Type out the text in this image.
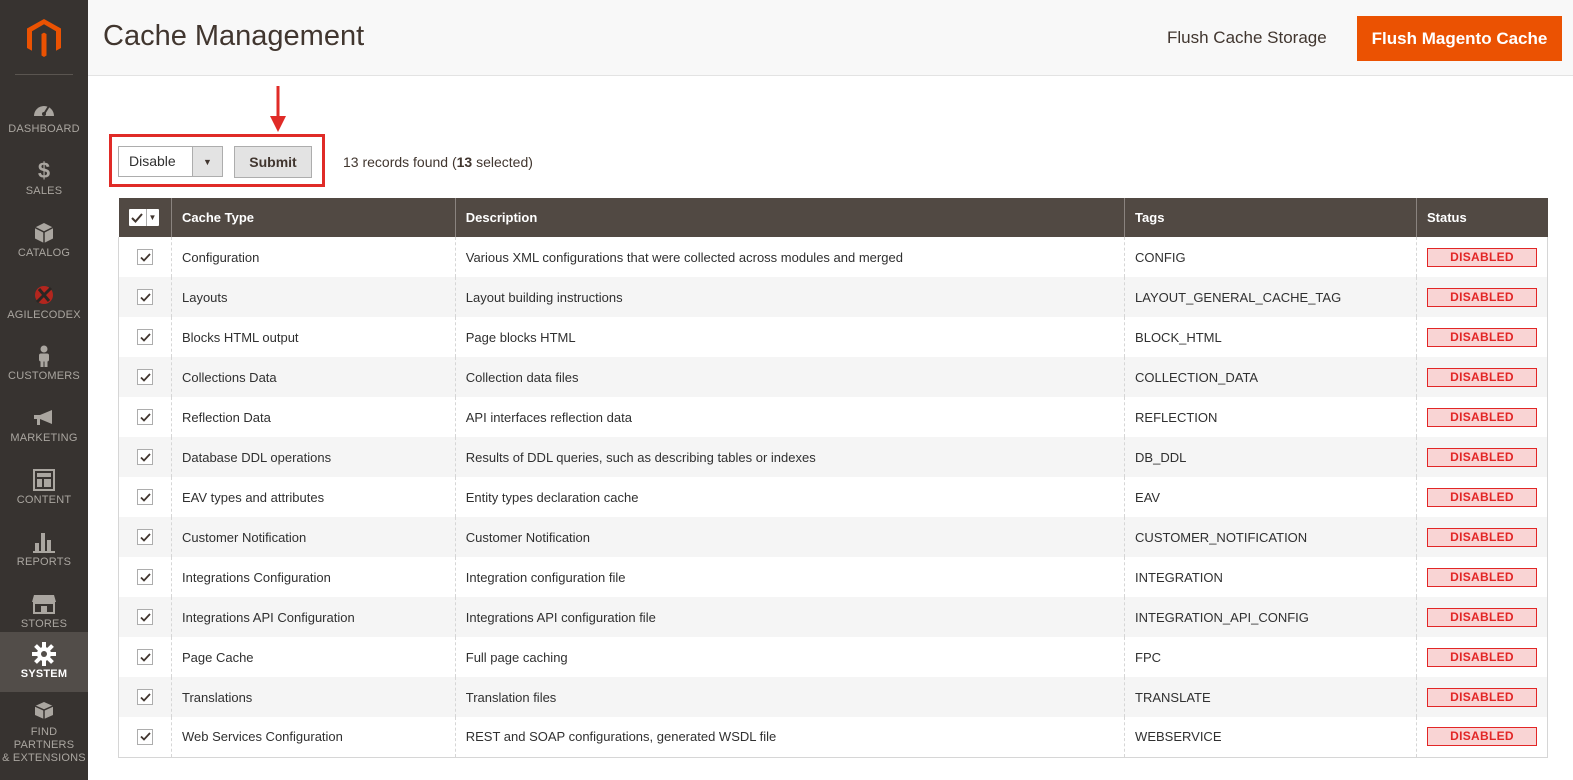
DASHBOARD
$
SALES
CATALOG
AGILECODEX
CUSTOMERS
MARKETING
CONTENT
REPORTS
STORES
SYSTEM
FIND PARTNERS
& EXTENSIONS
Cache Management	Flush Cache Storage	Flush Magento Cache
Disable	▼	Submit	13 records found (13 selected)
▼	Cache Type	Description	Tags	Status

	Configuration	Various XML configurations that were collected across modules and merged	CONFIG	DISABLED

	Layouts	Layout building instructions	LAYOUT_GENERAL_CACHE_TAG	DISABLED

	Blocks HTML output	Page blocks HTML	BLOCK_HTML	DISABLED

	Collections Data	Collection data files	COLLECTION_DATA	DISABLED

	Reflection Data	API interfaces reflection data	REFLECTION	DISABLED

	Database DDL operations	Results of DDL queries, such as describing tables or indexes	DB_DDL	DISABLED

	EAV types and attributes	Entity types declaration cache	EAV	DISABLED

	Customer Notification	Customer Notification	CUSTOMER_NOTIFICATION	DISABLED

	Integrations Configuration	Integration configuration file	INTEGRATION	DISABLED

	Integrations API Configuration	Integrations API configuration file	INTEGRATION_API_CONFIG	DISABLED

	Page Cache	Full page caching	FPC	DISABLED

	Translations	Translation files	TRANSLATE	DISABLED

	Web Services Configuration	REST and SOAP configurations, generated WSDL file	WEBSERVICE	DISABLED
